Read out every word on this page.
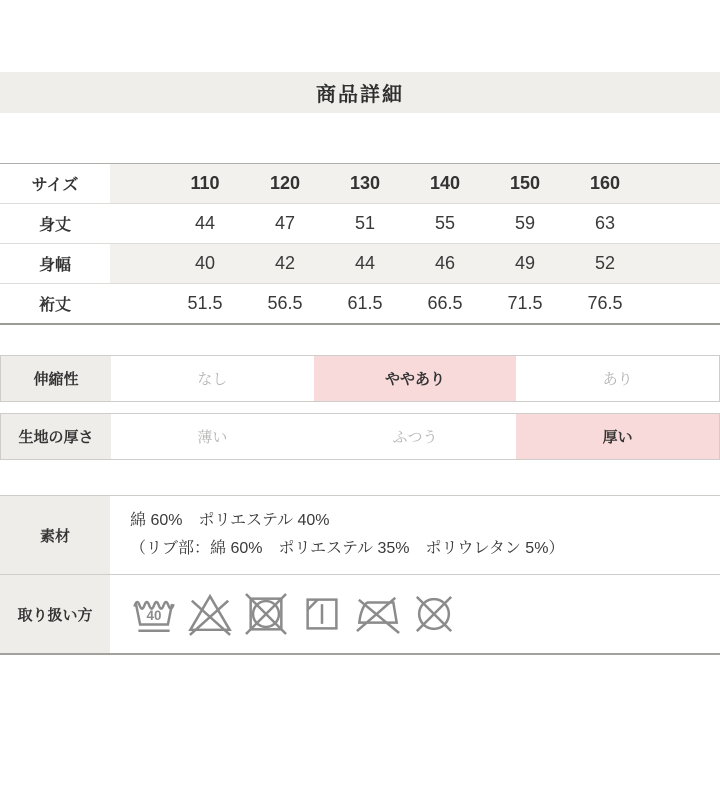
商品詳細
サイズ	110	120	130	140	150	160
身丈	44	47	51	55	59	63
身幅	40	42	44	46	49	52
裄丈	51.5	56.5	61.5	66.5	71.5	76.5
伸縮性	なし	ややあり	あり
生地の厚さ	薄い	ふつう	厚い
素材
綿 60%　ポリエステル 40%
（リブ部：綿 60%　ポリエステル 35%　ポリウレタン 5%）
取り扱い方	40
